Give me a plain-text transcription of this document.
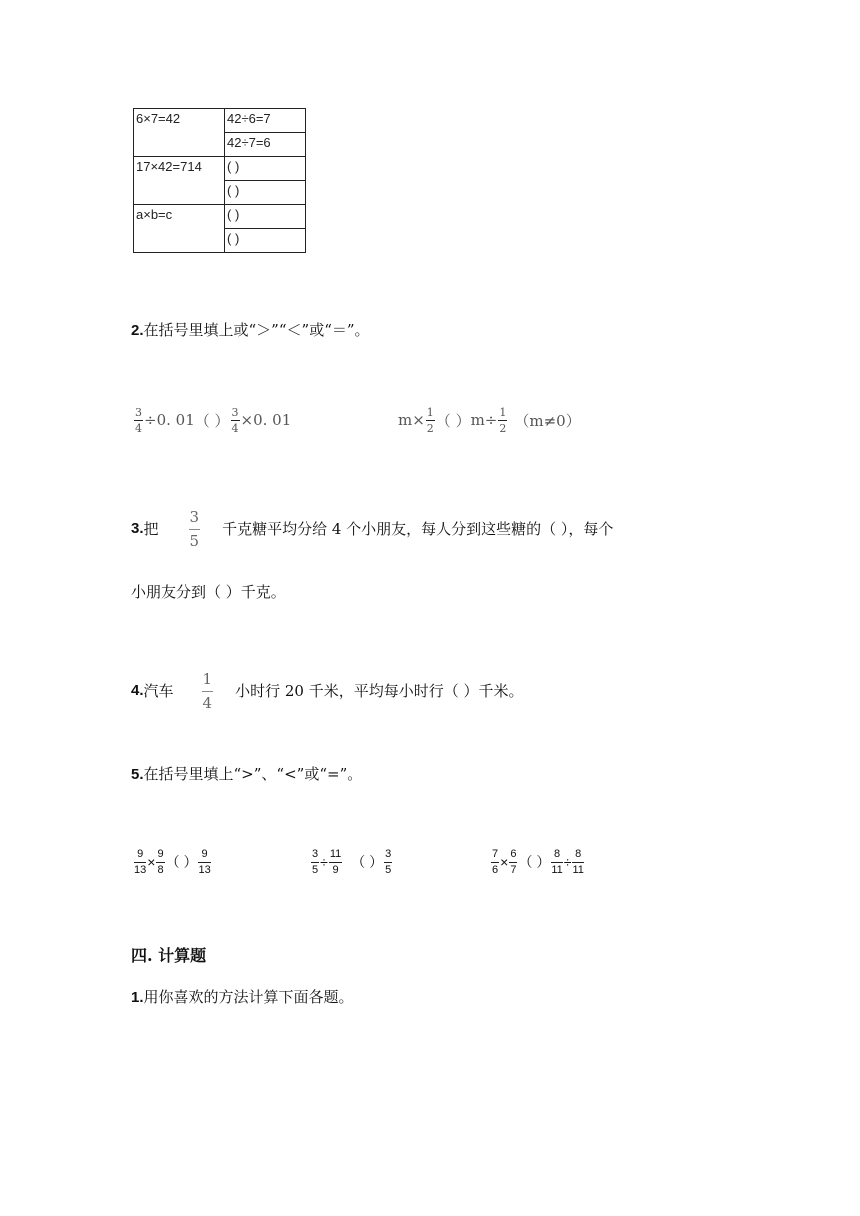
6×7=42	42÷6=7
	42÷7=6
17×42=714	( )
	( )
a×b=c	( )
	( )
2.在括号里填上或“＞”“＜”或“＝”。
$\frac{3}{4} \div 0$. 01 （ ） $\frac{3}{4} \times 0$. 01	$m\times \frac{1}{2}$ （ ） $m\div \frac{1}{2} (m\ne 0)$
3. 把 $\frac{3}{5}$ 千克糖平均分给 4 个小朋友，每人分到这些糖的（ ），每个
小朋友分到（ ）千克。
4. 汽车 $\frac{1}{4}$ 小时行 20 千米，平均每小时行（ ）千米。
5.在括号里填上“>”、“<”或“=”。
$\frac{9}{13} \times \frac{9}{8}$ （ ） $\frac{9}{13}$	$\frac{3}{5} \div \frac{11}{9}$ （ ） $\frac{3}{5}$	$\frac{7}{6} \times \frac{6}{7}$ （ ） $\frac{8}{11} \div \frac{8}{11}$
四. 计算题
1.用你喜欢的方法计算下面各题。
